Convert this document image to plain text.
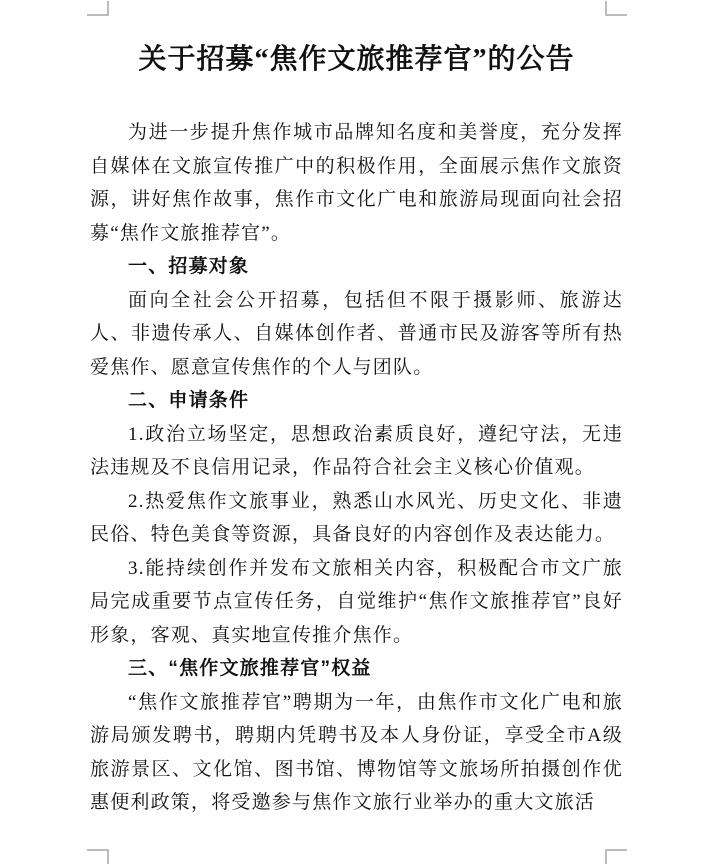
关于招募“焦作文旅推荐官”的公告

为进一步提升焦作城市品牌知名度和美誉度，充分发挥自媒体在文旅宣传推广中的积极作用，全面展示焦作文旅资源，讲好焦作故事，焦作市文化广电和旅游局现面向社会招募“焦作文旅推荐官”。

一、招募对象

面向全社会公开招募，包括但不限于摄影师、旅游达人、非遗传承人、自媒体创作者、普通市民及游客等所有热爱焦作、愿意宣传焦作的个人与团队。

二、申请条件

1.政治立场坚定，思想政治素质良好，遵纪守法，无违法违规及不良信用记录，作品符合社会主义核心价值观。

2.热爱焦作文旅事业，熟悉山水风光、历史文化、非遗民俗、特色美食等资源，具备良好的内容创作及表达能力。

3.能持续创作并发布文旅相关内容，积极配合市文广旅局完成重要节点宣传任务，自觉维护“焦作文旅推荐官”良好形象，客观、真实地宣传推介焦作。

三、“焦作文旅推荐官”权益

“焦作文旅推荐官”聘期为一年，由焦作市文化广电和旅游局颁发聘书，聘期内凭聘书及本人身份证，享受全市A级旅游景区、文化馆、图书馆、博物馆等文旅场所拍摄创作优惠便利政策，将受邀参与焦作文旅行业举办的重大文旅活
